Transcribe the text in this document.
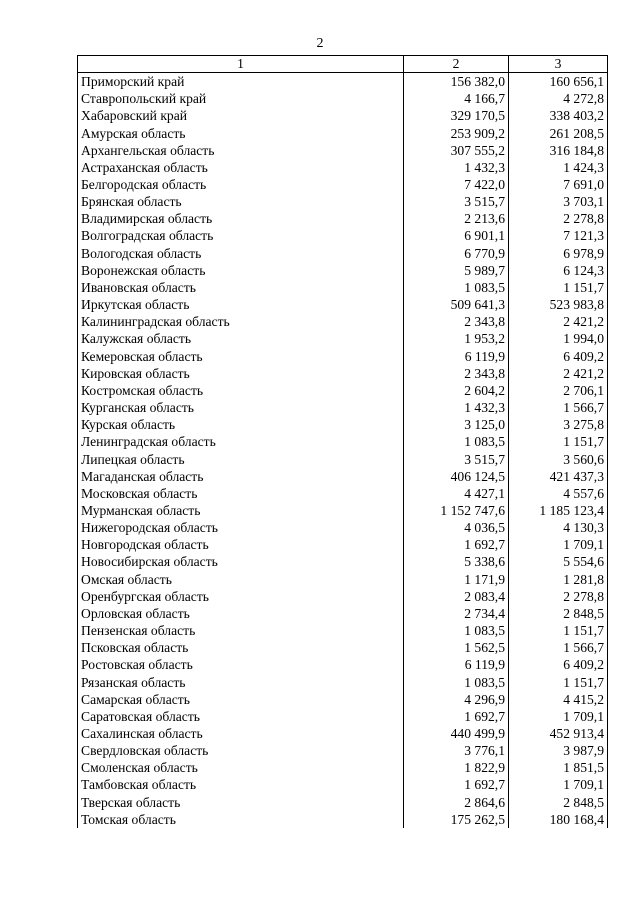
2
1	2	3
Приморский край	156 382,0	160 656,1
Ставропольский край	4 166,7	4 272,8
Хабаровский край	329 170,5	338 403,2
Амурская область	253 909,2	261 208,5
Архангельская область	307 555,2	316 184,8
Астраханская область	1 432,3	1 424,3
Белгородская область	7 422,0	7 691,0
Брянская область	3 515,7	3 703,1
Владимирская область	2 213,6	2 278,8
Волгоградская область	6 901,1	7 121,3
Вологодская область	6 770,9	6 978,9
Воронежская область	5 989,7	6 124,3
Ивановская область	1 083,5	1 151,7
Иркутская область	509 641,3	523 983,8
Калининградская область	2 343,8	2 421,2
Калужская область	1 953,2	1 994,0
Кемеровская область	6 119,9	6 409,2
Кировская область	2 343,8	2 421,2
Костромская область	2 604,2	2 706,1
Курганская область	1 432,3	1 566,7
Курская область	3 125,0	3 275,8
Ленинградская область	1 083,5	1 151,7
Липецкая область	3 515,7	3 560,6
Магаданская область	406 124,5	421 437,3
Московская область	4 427,1	4 557,6
Мурманская область	1 152 747,6	1 185 123,4
Нижегородская область	4 036,5	4 130,3
Новгородская область	1 692,7	1 709,1
Новосибирская область	5 338,6	5 554,6
Омская область	1 171,9	1 281,8
Оренбургская область	2 083,4	2 278,8
Орловская область	2 734,4	2 848,5
Пензенская область	1 083,5	1 151,7
Псковская область	1 562,5	1 566,7
Ростовская область	6 119,9	6 409,2
Рязанская область	1 083,5	1 151,7
Самарская область	4 296,9	4 415,2
Саратовская область	1 692,7	1 709,1
Сахалинская область	440 499,9	452 913,4
Свердловская область	3 776,1	3 987,9
Смоленская область	1 822,9	1 851,5
Тамбовская область	1 692,7	1 709,1
Тверская область	2 864,6	2 848,5
Томская область	175 262,5	180 168,4
